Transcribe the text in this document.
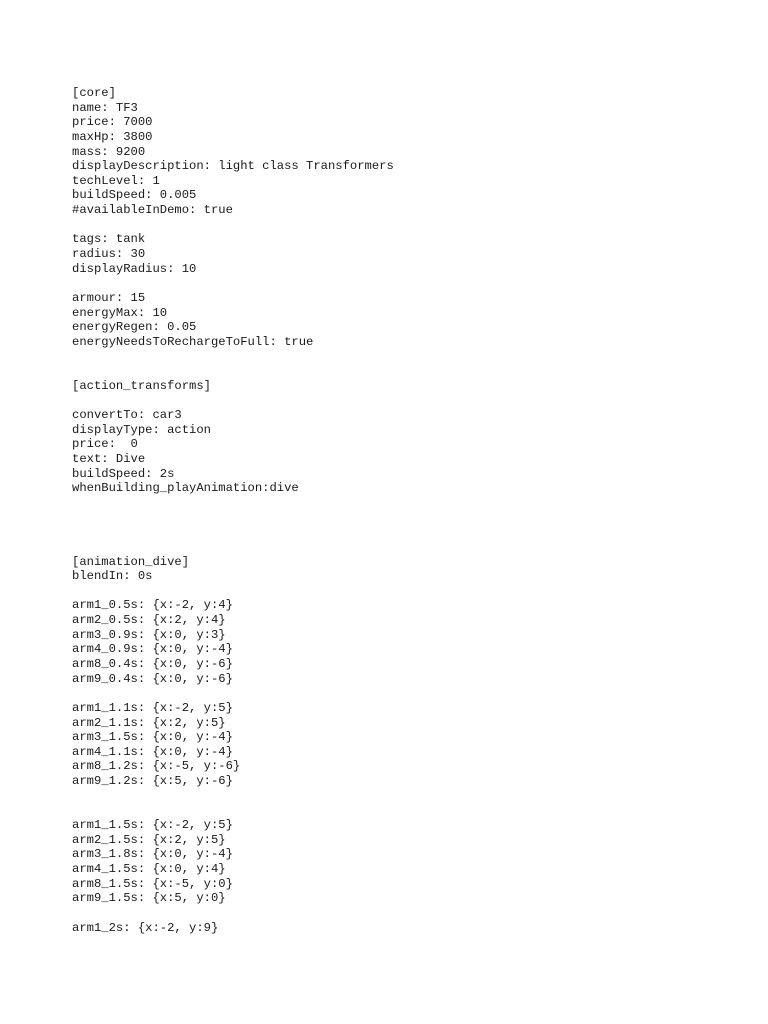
[core]
name: TF3
price: 7000
maxHp: 3800
mass: 9200
displayDescription: light class Transformers
techLevel: 1
buildSpeed: 0.005
#availableInDemo: true
tags: tank
radius: 30
displayRadius: 10
armour: 15
energyMax: 10
energyRegen: 0.05
energyNeedsToRechargeToFull: true
[action_transforms]
convertTo: car3
displayType: action
price:  0
text: Dive
buildSpeed: 2s
whenBuilding_playAnimation:dive
[animation_dive]
blendIn: 0s
arm1_0.5s: {x:-2, y:4}
arm2_0.5s: {x:2, y:4}
arm3_0.9s: {x:0, y:3}
arm4_0.9s: {x:0, y:-4}
arm8_0.4s: {x:0, y:-6}
arm9_0.4s: {x:0, y:-6}
arm1_1.1s: {x:-2, y:5}
arm2_1.1s: {x:2, y:5}
arm3_1.5s: {x:0, y:-4}
arm4_1.1s: {x:0, y:-4}
arm8_1.2s: {x:-5, y:-6}
arm9_1.2s: {x:5, y:-6}
arm1_1.5s: {x:-2, y:5}
arm2_1.5s: {x:2, y:5}
arm3_1.8s: {x:0, y:-4}
arm4_1.5s: {x:0, y:4}
arm8_1.5s: {x:-5, y:0}
arm9_1.5s: {x:5, y:0}
arm1_2s: {x:-2, y:9}
